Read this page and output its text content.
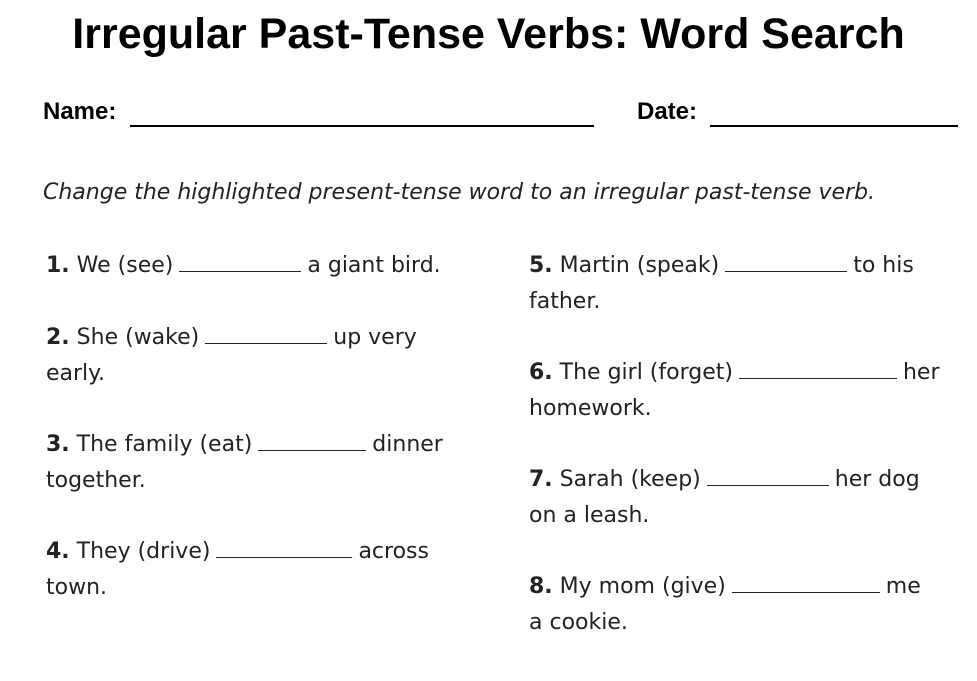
Irregular Past-Tense Verbs: Word Search
Name:	Date:
Change the highlighted present-tense word to an irregular past-tense verb.
1. We (see)	a giant bird.
2. She (wake)	up very
early.
3. The family (eat)	dinner
together.
4. They (drive)	across
town.
5. Martin (speak)	to his
father.
6. The girl (forget)	her
homework.
7. Sarah (keep)	her dog
on a leash.
8. My mom (give)	me
a cookie.
